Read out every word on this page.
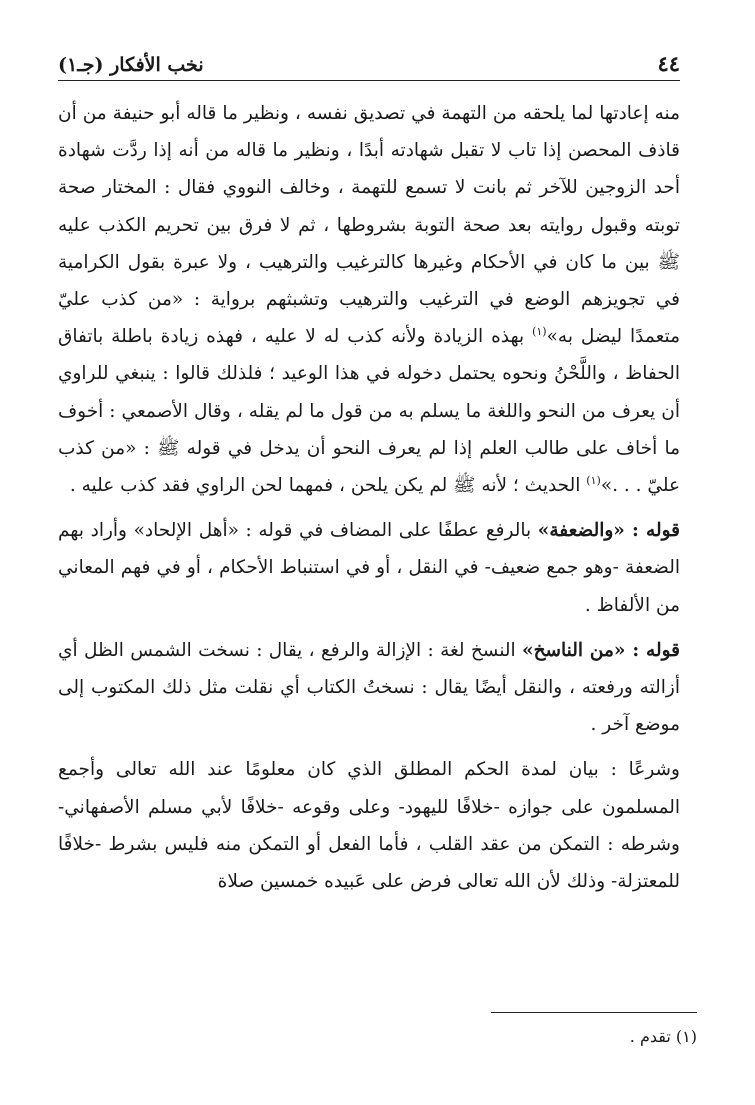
٤٤
نخب الأفكار (جـ١)

منه إعادتها لما يلحقه من التهمة في تصديق نفسه ، ونظير ما قاله أبو حنيفة من أن قاذف المحصن إذا تاب لا تقبل شهادته أبدًا ، ونظير ما قاله من أنه إذا ردَّت شهادة أحد الزوجين للآخر ثم بانت لا تسمع للتهمة ، وخالف النووي فقال : المختار صحة توبته وقبول روايته بعد صحة التوبة بشروطها ، ثم لا فرق بين تحريم الكذب عليه ﷺ بين ما كان في الأحكام وغيرها كالترغيب والترهيب ، ولا عبرة بقول الكرامية في تجويزهم الوضع في الترغيب والترهيب وتشبثهم برواية : «من كذب عليّ متعمدًا ليضل به»$^{(١)}$ بهذه الزيادة ولأنه كذب له لا عليه ، فهذه زيادة باطلة باتفاق الحفاظ ، واللَّحْنُ ونحوه يحتمل دخوله في هذا الوعيد ؛ فلذلك قالوا : ينبغي للراوي أن يعرف من النحو واللغة ما يسلم به من قول ما لم يقله ، وقال الأصمعي : أخوف ما أخاف على طالب العلم إذا لم يعرف النحو أن يدخل في قوله ﷺ : «من كذب عليّ . . .»$^{(١)}$ الحديث ؛ لأنه ﷺ لم يكن يلحن ، فمهما لحن الراوي فقد كذب عليه .

قوله : «والضعفة» بالرفع عطفًا على المضاف في قوله : «أهل الإلحاد» وأراد بهم الضعفة -وهو جمع ضعيف- في النقل ، أو في استنباط الأحكام ، أو في فهم المعاني من الألفاظ .

قوله : «من الناسخ» النسخ لغة : الإزالة والرفع ، يقال : نسخت الشمس الظل أي أزالته ورفعته ، والنقل أيضًا يقال : نسختُ الكتاب أي نقلت مثل ذلك المكتوب إلى موضع آخر .

وشرعًا : بيان لمدة الحكم المطلق الذي كان معلومًا عند الله تعالى وأجمع المسلمون على جوازه -خلافًا لليهود- وعلى وقوعه -خلافًا لأبي مسلم الأصفهاني- وشرطه : التمكن من عقد القلب ، فأما الفعل أو التمكن منه فليس بشرط -خلافًا للمعتزلة- وذلك لأن الله تعالى فرض على عَبيده خمسين صلاة

(١) تقدم .
